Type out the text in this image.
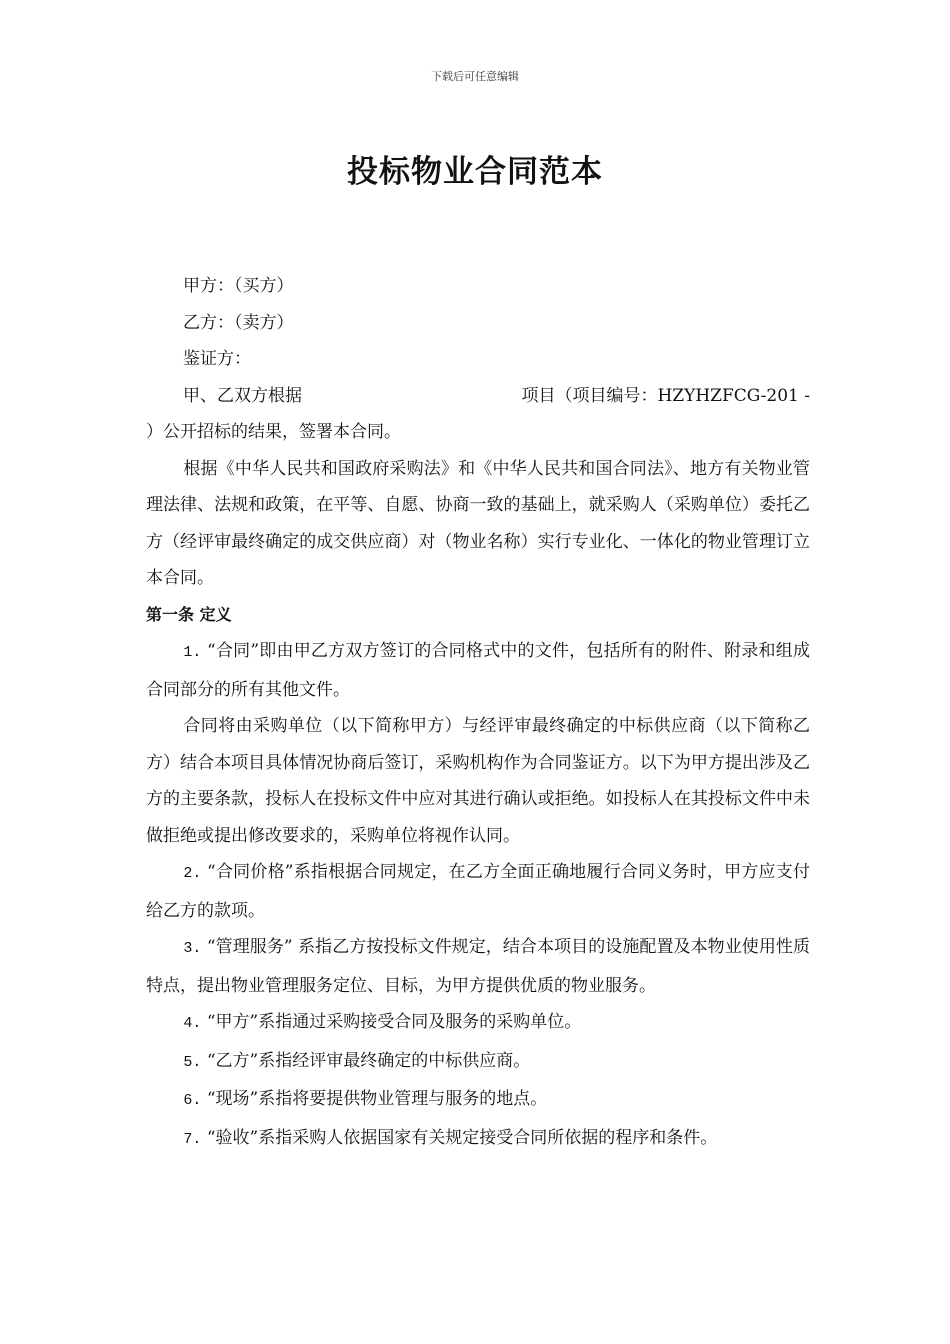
下载后可任意编辑
投标物业合同范本

甲方：（买方）

乙方：（卖方）

鉴证方：

甲、乙双方根据	项目（项目编号：HZYHZFCG-201 -

）公开招标的结果，签署本合同。

根据《中华人民共和国政府采购法》和《中华人民共和国合同法》、地方有关物业管理法律、法规和政策，在平等、自愿、协商一致的基础上，就采购人（采购单位）委托乙方（经评审最终确定的成交供应商）对（物业名称）实行专业化、一体化的物业管理订立本合同。

第一条 定义

1. “合同”即由甲乙方双方签订的合同格式中的文件，包括所有的附件、附录和组成合同部分的所有其他文件。

合同将由采购单位（以下简称甲方）与经评审最终确定的中标供应商（以下简称乙方）结合本项目具体情况协商后签订，采购机构作为合同鉴证方。以下为甲方提出涉及乙方的主要条款，投标人在投标文件中应对其进行确认或拒绝。如投标人在其投标文件中未做拒绝或提出修改要求的，采购单位将视作认同。

2. “合同价格”系指根据合同规定，在乙方全面正确地履行合同义务时，甲方应支付给乙方的款项。

3. “管理服务” 系指乙方按投标文件规定，结合本项目的设施配置及本物业使用性质特点，提出物业管理服务定位、目标，为甲方提供优质的物业服务。

4. “甲方”系指通过采购接受合同及服务的采购单位。

5. “乙方”系指经评审最终确定的中标供应商。

6. “现场”系指将要提供物业管理与服务的地点。

7. “验收”系指采购人依据国家有关规定接受合同所依据的程序和条件。
